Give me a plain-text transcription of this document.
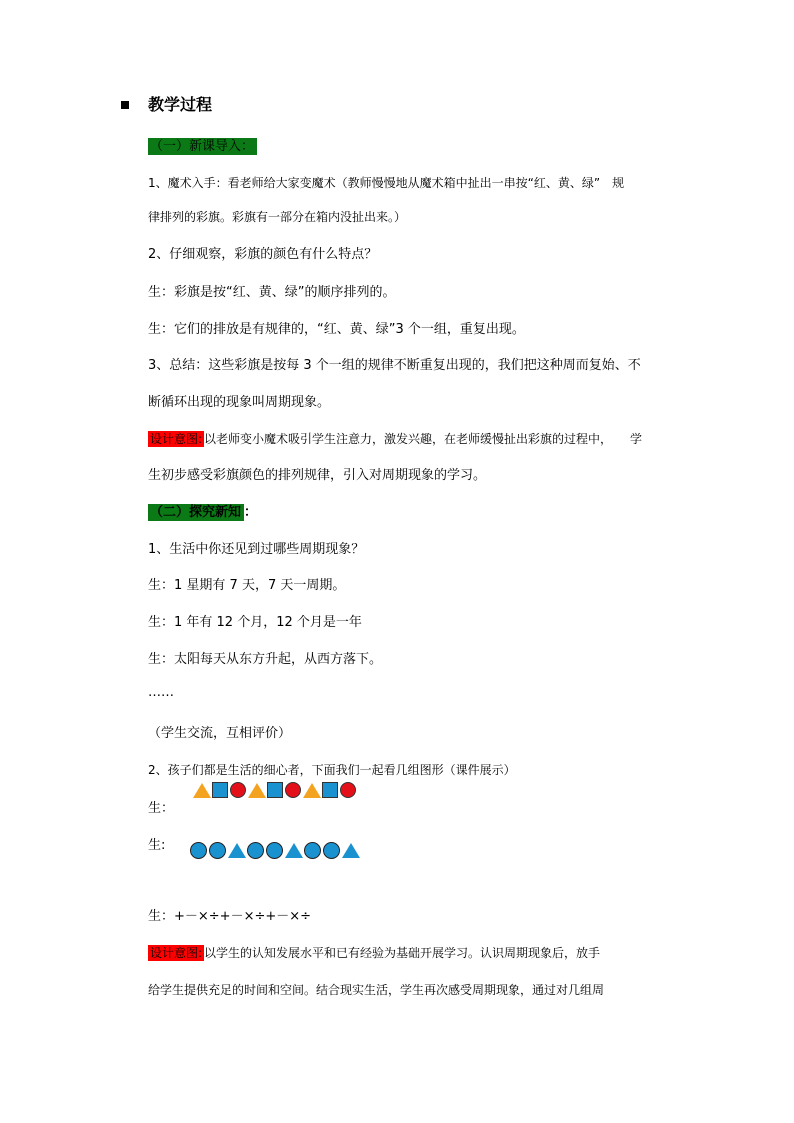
教学过程
（一）新课导入：
1、魔术入手：看老师给大家变魔术（教师慢慢地从魔术箱中扯出一串按“红、黄、绿”　规
律排列的彩旗。彩旗有一部分在箱内没扯出来。）
2、仔细观察，彩旗的颜色有什么特点？
生：彩旗是按“红、黄、绿”的顺序排列的。
生：它们的排放是有规律的，“红、黄、绿”3 个一组，重复出现。
3、总结：这些彩旗是按每 3 个一组的规律不断重复出现的，我们把这种周而复始、不
断循环出现的现象叫周期现象。
设计意图: 以老师变小魔术吸引学生注意力，激发兴趣，在老师缓慢扯出彩旗的过程中，　　学
生初步感受彩旗颜色的排列规律，引入对周期现象的学习。
（二）探究新知 ：
1、生活中你还见到过哪些周期现象？
生：1 星期有 7 天，7 天一周期。
生：1 年有 12 个月，12 个月是一年
生：太阳每天从东方升起，从西方落下。
……
（学生交流，互相评价）
2、孩子们都是生活的细心者，下面我们一起看几组图形（课件展示）
生：
生:
生：+－×÷+－×÷+－×÷
设计意图: 以学生的认知发展水平和已有经验为基础开展学习。认识周期现象后，放手
给学生提供充足的时间和空间。结合现实生活，学生再次感受周期现象，通过对几组周
